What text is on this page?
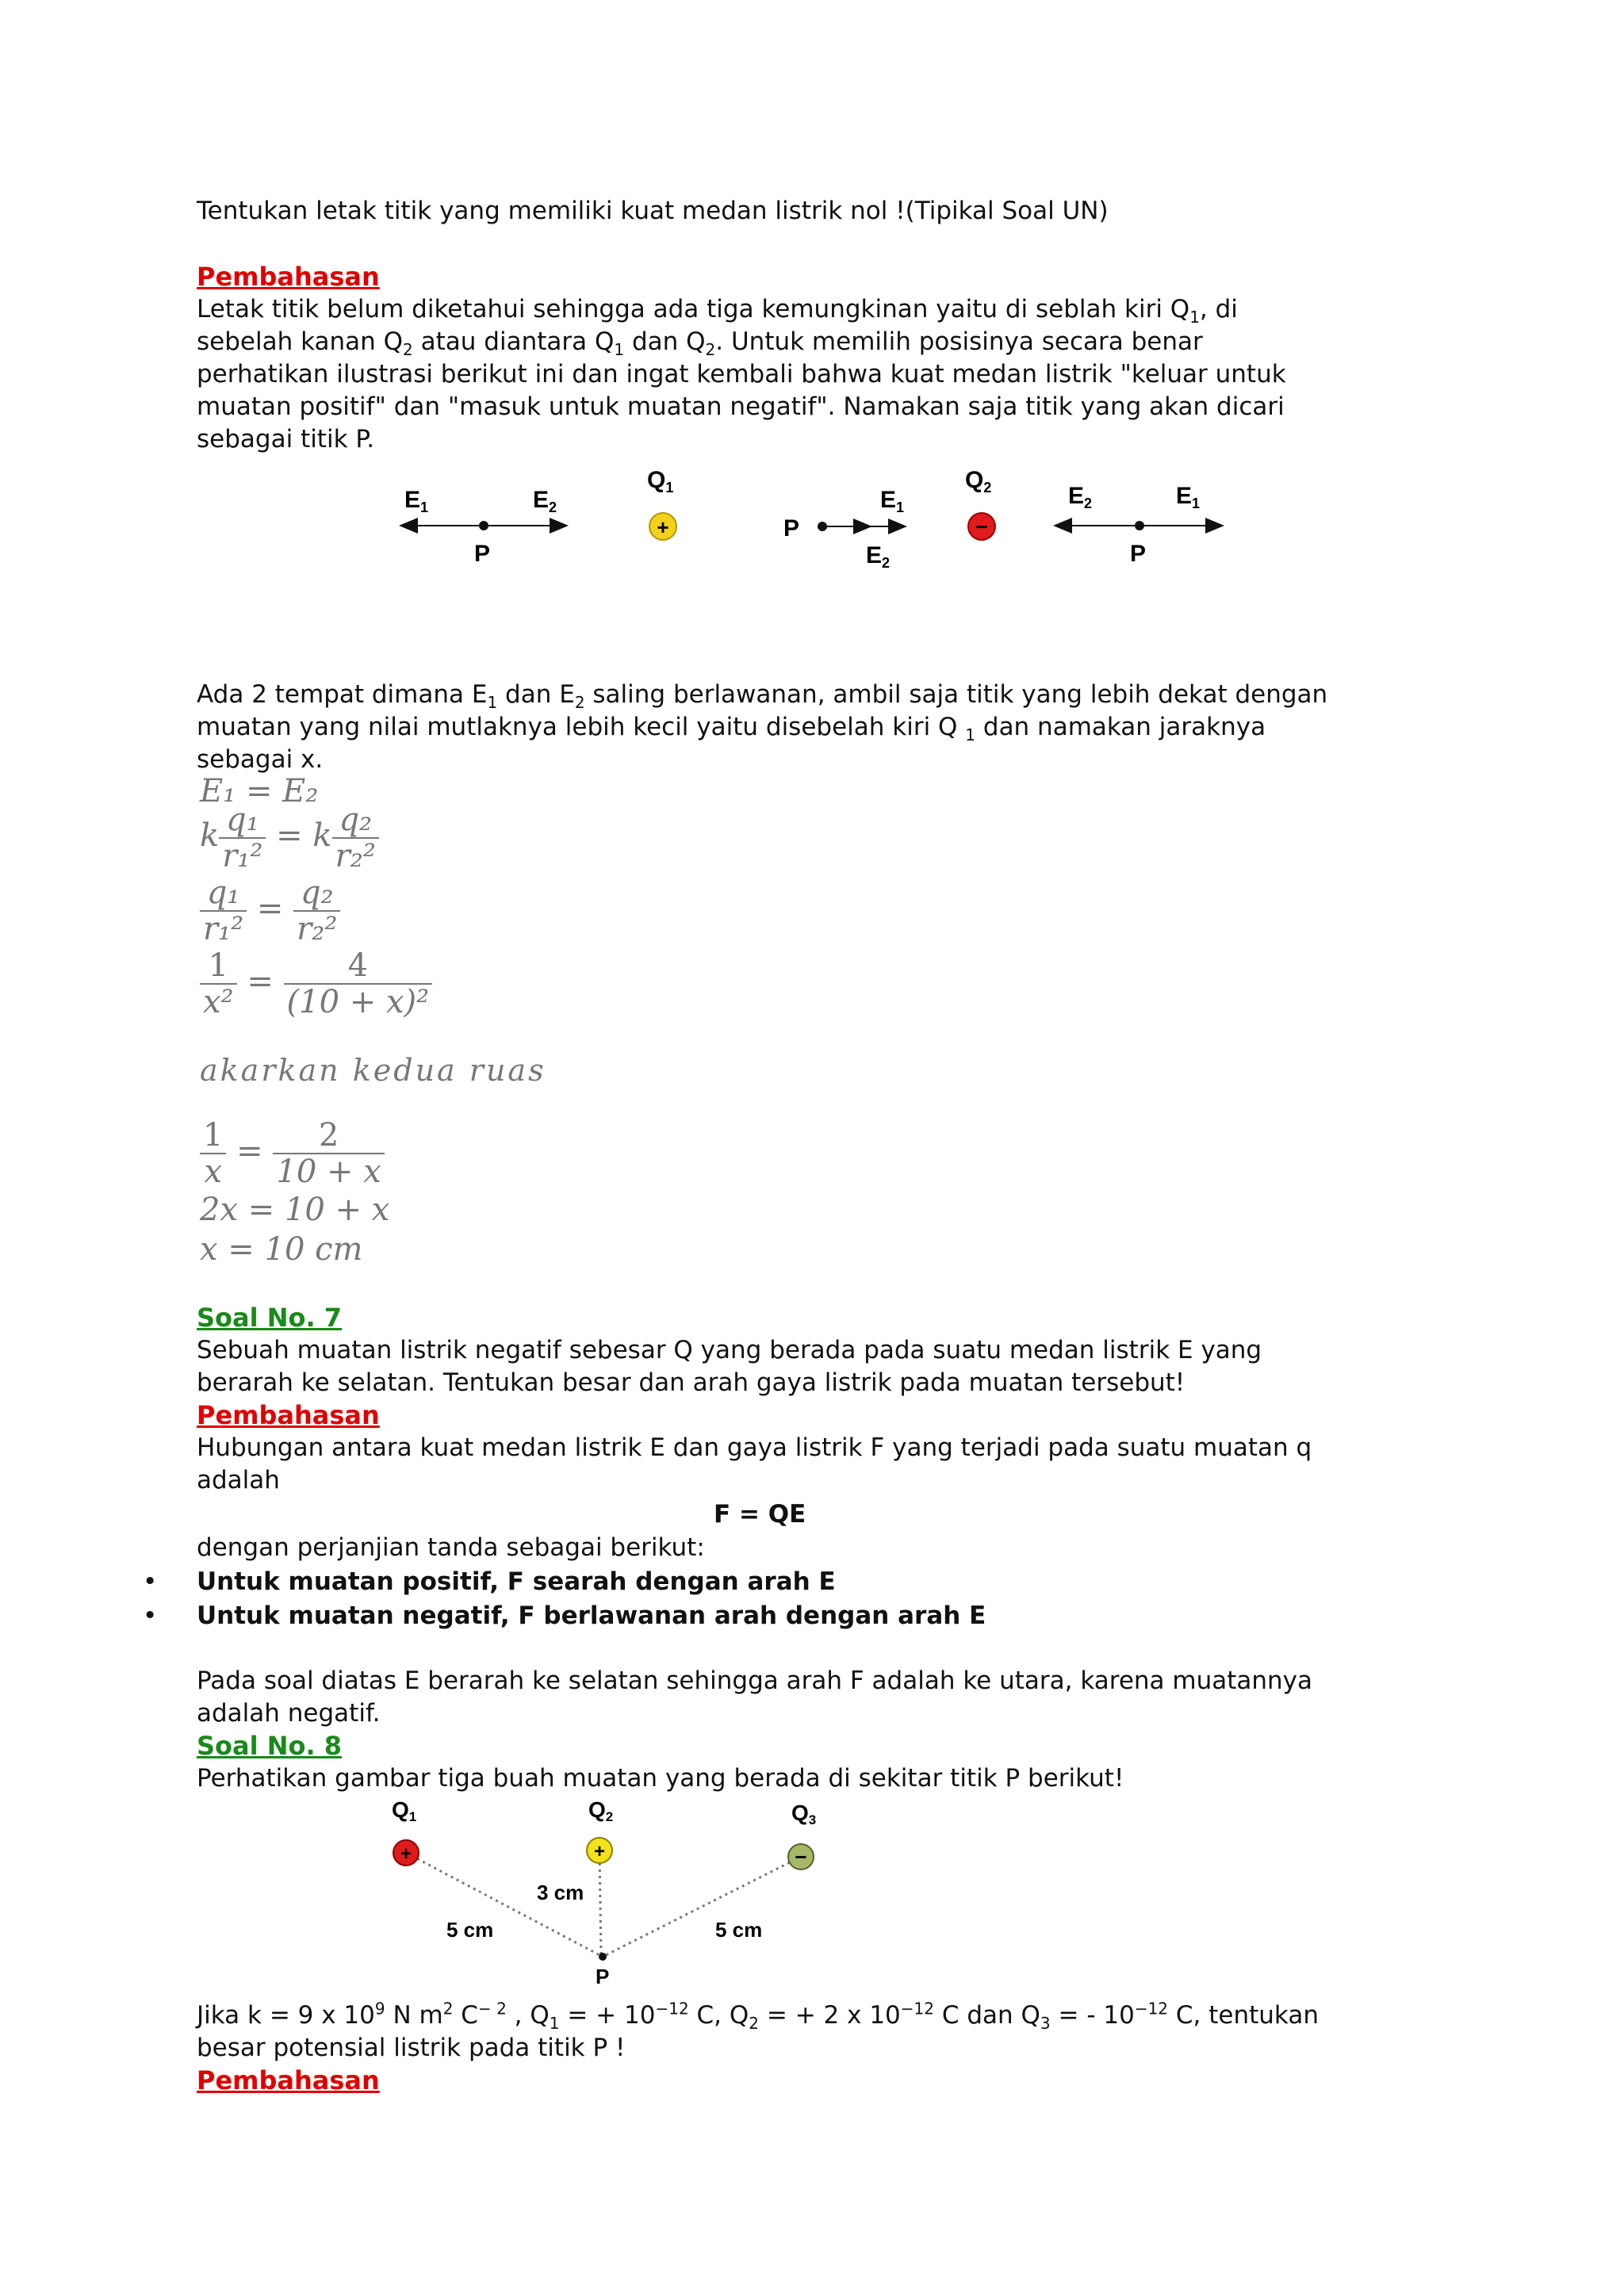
Tentukan letak titik yang memiliki kuat medan listrik nol !(Tipikal Soal UN)
Pembahasan
Letak titik belum diketahui sehingga ada tiga kemungkinan yaitu di seblah kiri $Q_1$, di
sebelah kanan $Q_2$ atau diantara $Q_1$ dan $Q_2$. Untuk memilih posisinya secara benar
perhatikan ilustrasi berikut ini dan ingat kembali bahwa kuat medan listrik "keluar untuk
muatan positif" dan "masuk untuk muatan negatif". Namakan saja titik yang akan dicari
sebagai titik P.
$E_1$	$E_2$
P
$Q_1$
+	P
$E_1$
$E_2$
$Q_2$
−
$E_2$	$E_1$
P
Ada 2 tempat dimana $E_1$ dan $E_2$ saling berlawanan, ambil saja titik yang lebih dekat dengan
muatan yang nilai mutlaknya lebih kecil yaitu disebelah kiri Q $_1$ dan namakan jaraknya
sebagai x.
E₁ = E₂
k $\frac{\text{q₁}}{\text{r₁²}} = k \frac{\text{q₂}}{\text{r₂²}}$
$\frac{\text{q₁}}{\text{r₁²}} = \frac{\text{q₂}}{\text{r₂²}}$
$\frac{1}{\text{x²}} = \frac{4}{\text{(10 + x)²}}$
akarkan kedua ruas
$\frac{1}{x} = \frac{2}{10 + x}$
2x = 10 + x
x = 10 cm
Soal No. 7
Sebuah muatan listrik negatif sebesar Q yang berada pada suatu medan listrik E yang
berarah ke selatan. Tentukan besar dan arah gaya listrik pada muatan tersebut!
Pembahasan
Hubungan antara kuat medan listrik E dan gaya listrik F yang terjadi pada suatu muatan q
adalah
F = QE
dengan perjanjian tanda sebagai berikut:
• Untuk muatan positif, F searah dengan arah E
• Untuk muatan negatif, F berlawanan arah dengan arah E
Pada soal diatas E berarah ke selatan sehingga arah F adalah ke utara, karena muatannya
adalah negatif.
Soal No. 8
Perhatikan gambar tiga buah muatan yang berada di sekitar titik P berikut!
Q1
+
Q2
+
Q3
−
5 cm
3 cm
5 cm
P
Jika k = 9 x $10^9$ N $m^2$ $C^{- 2}$ , $Q_1$ = + $10^{-12}$ C, $Q_2$ = + 2 x $10^{-12}$ C dan $Q_3$ = - $10^{-12}$ C, tentukan
besar potensial listrik pada titik P !
Pembahasan
